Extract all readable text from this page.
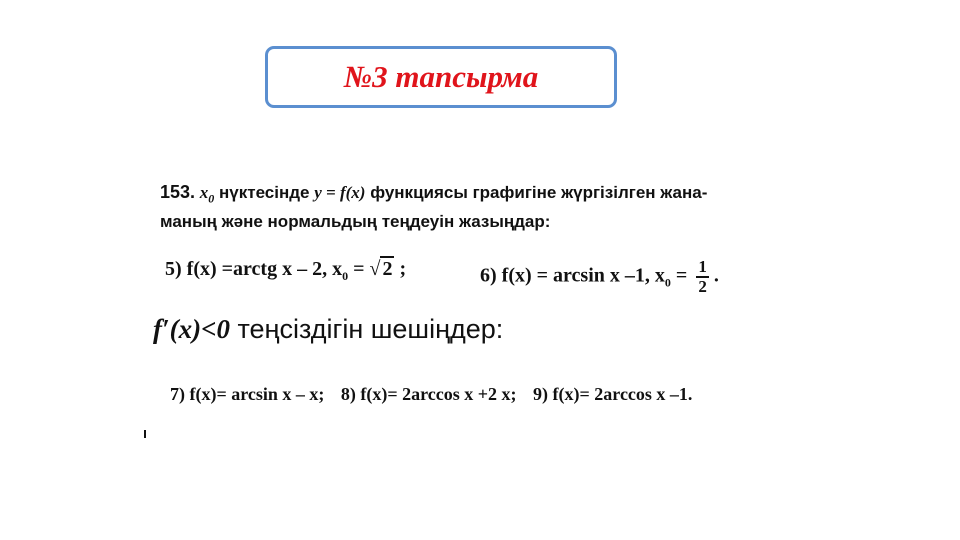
№3 тапсырма
153. $x_0$ нүктесінде y = f(x) функциясы графигіне жүргізілген жана-
маның және нормальдың теңдеуін жазыңдар:
5) f(x) =arctg x – 2, $x_0$ = √ 2 ;	6) f(x) = arcsin x –1, $x_0 = \frac{1}{2}$ .
f′(x)<0 теңсіздігін шешіңдер:
7) f(x)= arcsin x – x; 8) f(x)= 2arccos x +2 x; 9) f(x)= 2arccos x –1.
